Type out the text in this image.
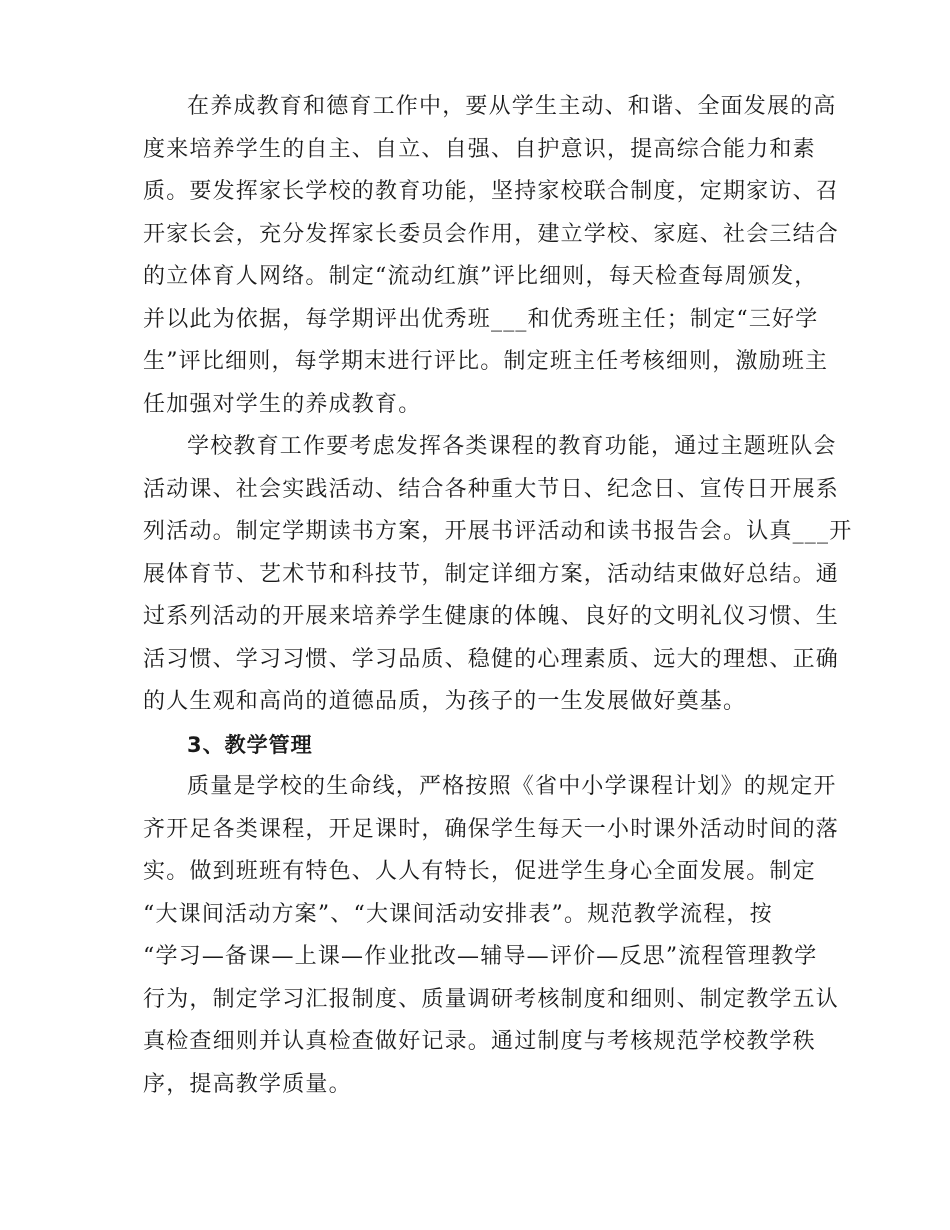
在养成教育和德育工作中，要从学生主动、和谐、全面发展的高

度来培养学生的自主、自立、自强、自护意识，提高综合能力和素

质。要发挥家长学校的教育功能，坚持家校联合制度，定期家访、召

开家长会，充分发挥家长委员会作用，建立学校、家庭、社会三结合

的立体育人网络。制定“流动红旗”评比细则，每天检查每周颁发，

并以此为依据，每学期评出优秀班___和优秀班主任；制定“三好学

生”评比细则，每学期末进行评比。制定班主任考核细则，激励班主

任加强对学生的养成教育。

学校教育工作要考虑发挥各类课程的教育功能，通过主题班队会

活动课、社会实践活动、结合各种重大节日、纪念日、宣传日开展系

列活动。制定学期读书方案，开展书评活动和读书报告会。认真___开

展体育节、艺术节和科技节，制定详细方案，活动结束做好总结。通

过系列活动的开展来培养学生健康的体魄、良好的文明礼仪习惯、生

活习惯、学习习惯、学习品质、稳健的心理素质、远大的理想、正确

的人生观和高尚的道德品质，为孩子的一生发展做好奠基。

3、教学管理

质量是学校的生命线，严格按照《省中小学课程计划》的规定开

齐开足各类课程，开足课时，确保学生每天一小时课外活动时间的落

实。做到班班有特色、人人有特长，促进学生身心全面发展。制定

“大课间活动方案”、“大课间活动安排表”。规范教学流程，按

“学习—备课—上课—作业批改—辅导—评价—反思”流程管理教学

行为，制定学习汇报制度、质量调研考核制度和细则、制定教学五认

真检查细则并认真检查做好记录。通过制度与考核规范学校教学秩

序，提高教学质量。
